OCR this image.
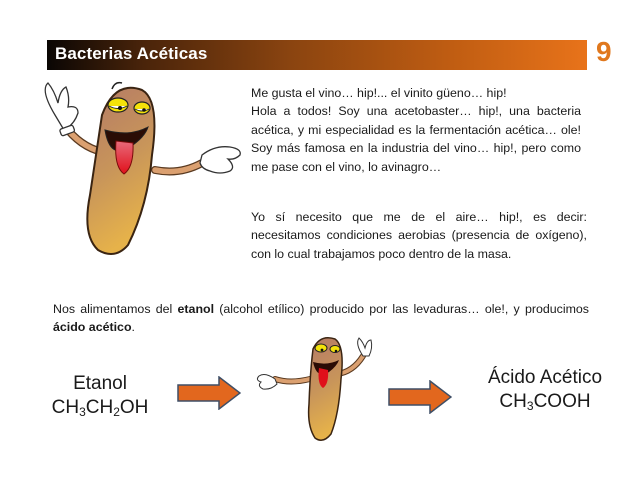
Bacterias Acéticas	9
Me gusta el vino… hip!... el vinito güeno… hip!
Hola a todos! Soy una acetobaster… hip!, una bacteria acética, y mi especialidad es la fermentación acética… ole! Soy más famosa en la industria del vino… hip!, pero como me pase con el vino, lo avinagro…
Yo sí necesito que me de el aire… hip!, es decir: necesitamos condiciones aerobias (presencia de oxígeno), con lo cual trabajamos poco dentro de la masa.
Nos alimentamos del etanol (alcohol etílico) producido por las levaduras… ole!, y producimos ácido acético.
Etanol
$CH_3CH_2OH$
Ácido Acético
$CH_3COOH$
